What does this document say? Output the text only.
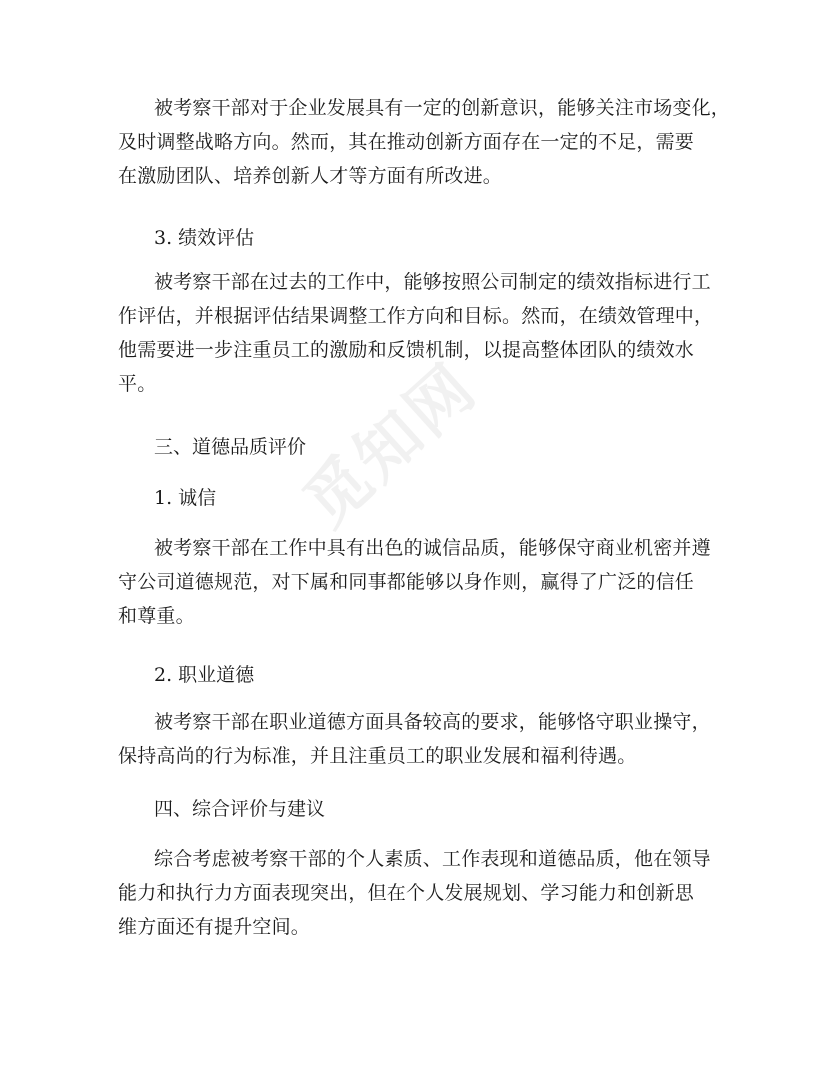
觅知网
被考察干部对于企业发展具有一定的创新意识，能够关注市场变化，
及时调整战略方向。然而，其在推动创新方面存在一定的不足，需要
在激励团队、培养创新人才等方面有所改进。
3. 绩效评估
被考察干部在过去的工作中，能够按照公司制定的绩效指标进行工
作评估，并根据评估结果调整工作方向和目标。然而，在绩效管理中，
他需要进一步注重员工的激励和反馈机制，以提高整体团队的绩效水
平。
三、道德品质评价
1. 诚信
被考察干部在工作中具有出色的诚信品质，能够保守商业机密并遵
守公司道德规范，对下属和同事都能够以身作则，赢得了广泛的信任
和尊重。
2. 职业道德
被考察干部在职业道德方面具备较高的要求，能够恪守职业操守，
保持高尚的行为标准，并且注重员工的职业发展和福利待遇。
四、综合评价与建议
综合考虑被考察干部的个人素质、工作表现和道德品质，他在领导
能力和执行力方面表现突出，但在个人发展规划、学习能力和创新思
维方面还有提升空间。
